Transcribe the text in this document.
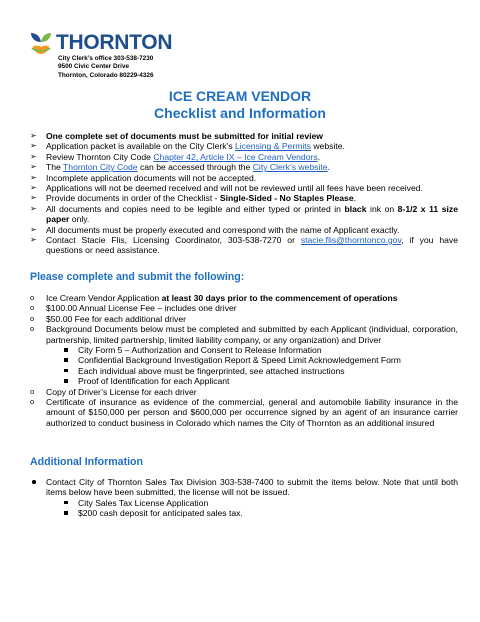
THORNTON
City Clerk’s office 303-538-7230
9500 Civic Center Drive
Thornton, Colorado 80229-4326
ICE CREAM VENDOR
Checklist and Information
➢ One complete set of documents must be submitted for initial review
➢ Application packet is available on the City Clerk’s Licensing & Permits website.
➢ Review Thornton City Code Chapter 42, Article IX – Ice Cream Vendors.
➢ The Thornton City Code can be accessed through the City Clerk’s website.
➢ Incomplete application documents will not be accepted.
➢ Applications will not be deemed received and will not be reviewed until all fees have been received.
➢ Provide documents in order of the Checklist - Single-Sided - No Staples Please.
➢ All documents and copies need to be legible and either typed or printed in black ink on 8-1/2 x 11 size paper only.
➢ All documents must be properly executed and correspond with the name of Applicant exactly.
➢ Contact Stacie Flis, Licensing Coordinator, 303-538-7270 or stacie.flis@thorntonco.gov, if you have questions or need assistance.
Please complete and submit the following:
o Ice Cream Vendor Application at least 30 days prior to the commencement of operations
o $100.00 Annual License Fee – includes one driver
o $50.00 Fee for each additional driver
o Background Documents below must be completed and submitted by each Applicant (individual, corporation, partnership, limited partnership, limited liability company, or any organization) and Driver
City Form 5 – Authorization and Consent to Release Information
Confidential Background Investigation Report & Speed Limit Acknowledgement Form
Each individual above must be fingerprinted, see attached instructions
Proof of Identification for each Applicant
o Copy of Driver’s License for each driver
o Certificate of insurance as evidence of the commercial, general and automobile liability insurance in the amount of $150,000 per person and $600,000 per occurrence signed by an agent of an insurance carrier authorized to conduct business in Colorado which names the City of Thornton as an additional insured
Additional Information
Contact City of Thornton Sales Tax Division 303-538-7400 to submit the items below. Note that until both items below have been submitted, the license will not be issued.
City Sales Tax License Application
$200 cash deposit for anticipated sales tax.
